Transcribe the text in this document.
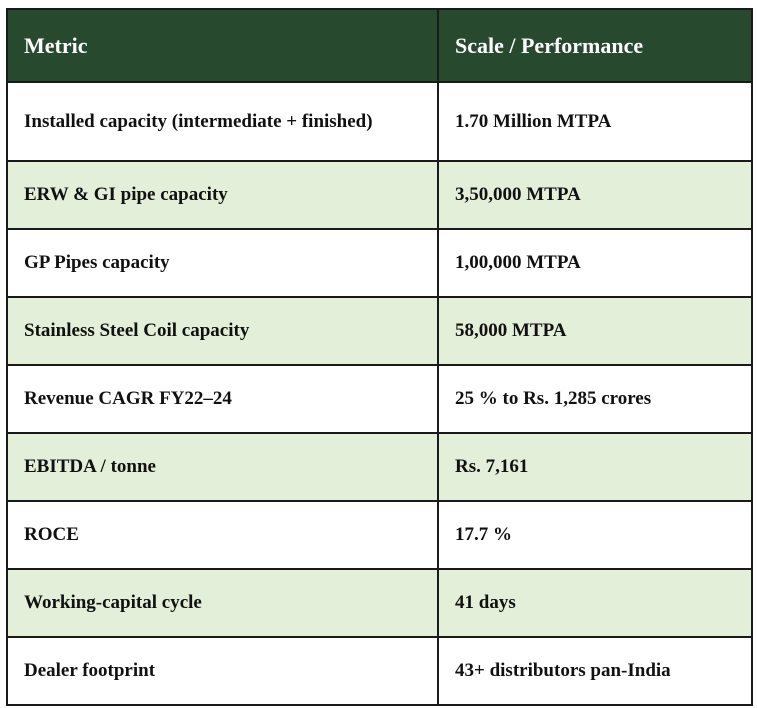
Metric	Scale / Performance
Installed capacity (intermediate + finished)	1.70 Million MTPA
ERW & GI pipe capacity	3,50,000 MTPA
GP Pipes capacity	1,00,000 MTPA
Stainless Steel Coil capacity	58,000 MTPA
Revenue CAGR FY22–24	25 % to Rs. 1,285 crores
EBITDA / tonne	Rs. 7,161
ROCE	17.7 %
Working-capital cycle	41 days
Dealer footprint	43+ distributors pan-India
